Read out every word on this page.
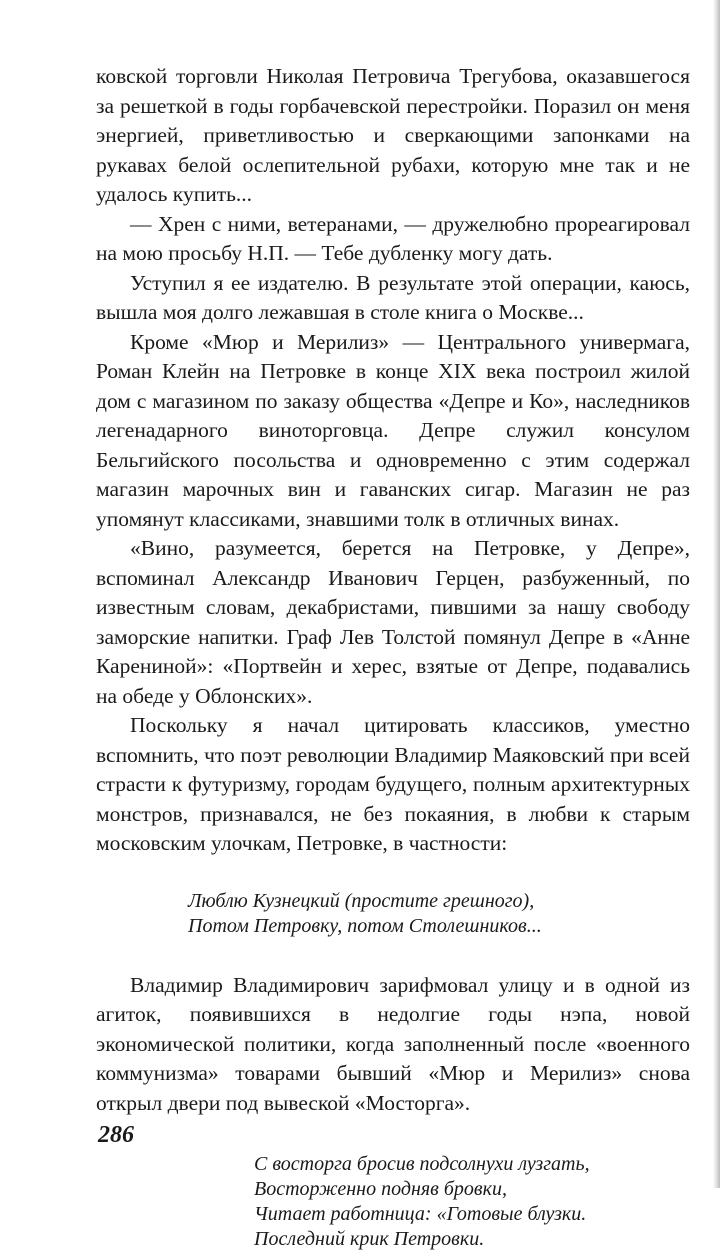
ковской торговли Николая Петровича Трегубова, оказавшегося за решеткой в годы горбачевской перестройки. Поразил он меня энергией, приветливостью и сверкающими запонками на рукавах белой ослепительной рубахи, которую мне так и не удалось купить...

— Хрен с ними, ветеранами, — дружелюбно прореагировал на мою просьбу Н.П. — Тебе дубленку могу дать.

Уступил я ее издателю. В результате этой операции, каюсь, вышла моя долго лежавшая в столе книга о Москве...

Кроме «Мюр и Мерилиз» — Центрального универмага, Роман Клейн на Петровке в конце XIX века построил жилой дом с магазином по заказу общества «Депре и Ко», наследников легенадарного виноторговца. Депре служил консулом Бельгийского посольства и одновременно с этим содержал магазин марочных вин и гаванских сигар. Магазин не раз упомянут классиками, знавшими толк в отличных винах.

«Вино, разумеется, берется на Петровке, у Депре», вспоминал Александр Иванович Герцен, разбуженный, по известным словам, декабристами, пившими за нашу свободу заморские напитки. Граф Лев Толстой помянул Депре в «Анне Карениной»: «Портвейн и херес, взятые от Депре, подавались на обеде у Облонских».

Поскольку я начал цитировать классиков, уместно вспомнить, что поэт революции Владимир Маяковский при всей страсти к футуризму, городам будущего, полным архитектурных монстров, признавался, не без покаяния, в любви к старым московским улочкам, Петровке, в частности:

Люблю Кузнецкий (простите грешного),
Потом Петровку, потом Столешников...

Владимир Владимирович зарифмовал улицу и в одной из агиток, появившихся в недолгие годы нэпа, новой экономической политики, когда заполненный после «военного коммунизма» товарами бывший «Мюр и Мерилиз» снова открыл двери под вывеской «Мосторга».

С восторга бросив подсолнухи лузгать,
Восторженно подняв бровки,
Читает работница: «Готовые блузки.
Последний крик Петровки.
286
